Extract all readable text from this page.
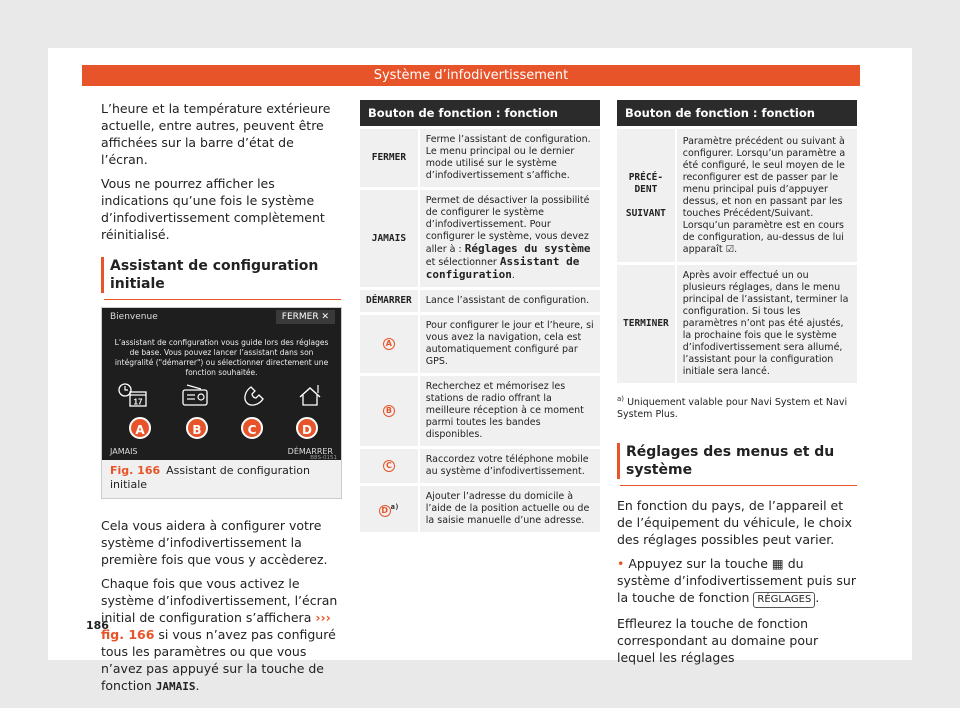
Système d’infodivertissement

L’heure et la température extérieure actuelle, entre autres, peuvent être affichées sur la barre d’état de l’écran.

Vous ne pourrez afficher les indications qu’une fois le système d’infodivertissement complètement réinitialisé.

Assistant de configuration initiale
Bienvenue	FERMER ✕
L’assistant de configuration vous guide lors des réglages de base. Vous pouvez lancer l’assistant dans son intégralité ("démarrer") ou sélectionner directement une fonction souhaitée.
17
A	B	C	D
JAMAIS	DÉMARRER
B8S-0151
Fig. 166 Assistant de configuration initiale

Cela vous aidera à configurer votre système d’infodivertissement la première fois que vous y accèderez.

Chaque fois que vous activez le système d’infodivertissement, l’écran initial de configuration s’affichera ››› fig. 166 si vous n’avez pas configuré tous les paramètres ou que vous n’avez pas appuyé sur la touche de fonction JAMAIS.

Bouton de fonction : fonction	
FERMER	Ferme l’assistant de configuration. Le menu principal ou le dernier mode utilisé sur le système d’infodivertissement s’affiche.
JAMAIS	Permet de désactiver la possibilité de configurer le système d’infodivertissement. Pour configurer le système, vous devez aller à : Réglages du système et sélectionner Assistant de configuration.
DÉMARRER	Lance l’assistant de configuration.
A	Pour configurer le jour et l’heure, si vous avez la navigation, cela est automatiquement configuré par GPS.
B	Recherchez et mémorisez les stations de radio offrant la meilleure réception à ce moment parmi toutes les bandes disponibles.
C	Raccordez votre téléphone mobile au système d’infodivertissement.
D $^{a)}$	Ajouter l’adresse du domicile à l’aide de la position actuelle ou de la saisie manuelle d’une adresse.
Bouton de fonction : fonction	

PRÉCÉDENT
SUIVANT	Paramètre précédent ou suivant à configurer. Lorsqu’un paramètre a été configuré, le seul moyen de le reconfigurer est de passer par le menu principal puis d’appuyer dessus, et non en passant par les touches Précédent/Suivant. Lorsqu’un paramètre est en cours de configuration, au-dessus de lui apparaît ☑.
TERMINER	Après avoir effectué un ou plusieurs réglages, dans le menu principal de l’assistant, terminer la configuration. Si tous les paramètres n’ont pas été ajustés, la prochaine fois que le système d’infodivertissement sera allumé, l’assistant pour la configuration initiale sera lancé.
$^{a)}$ Uniquement valable pour Navi System et Navi System Plus.
Réglages des menus et du système

En fonction du pays, de l’appareil et de l’équipement du véhicule, le choix des réglages possibles peut varier.

• Appuyez sur la touche ▦ du système d’infodivertissement puis sur la touche de fonction RÉGLAGES .

Effleurez la touche de fonction correspondant au domaine pour lequel les réglages

186
